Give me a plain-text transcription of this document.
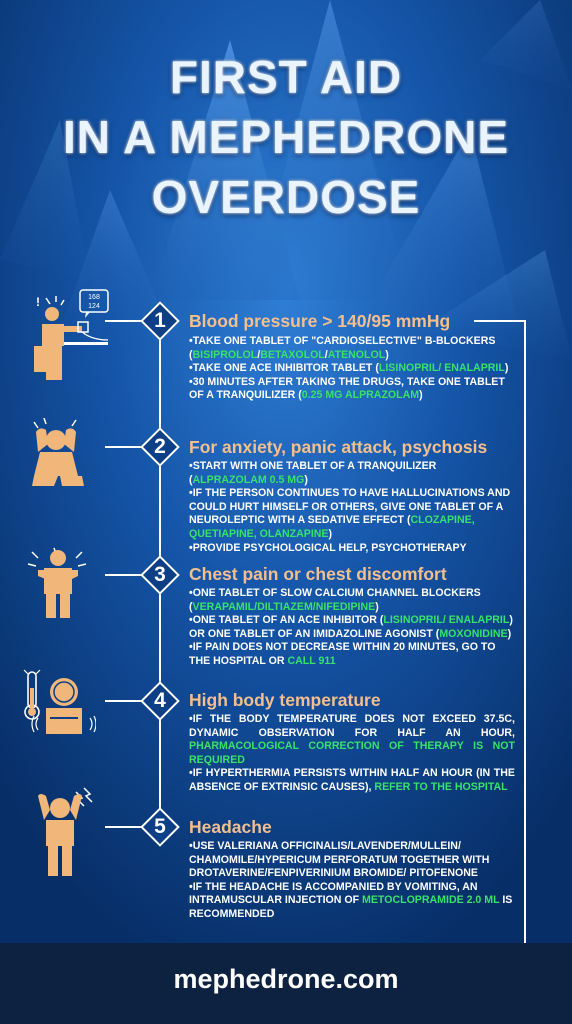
FIRST AID
IN A MEPHEDRONE
OVERDOSE
1	Blood pressure > 140/95 mmHg

•TAKE ONE TABLET OF "CARDIOSELECTIVE" B-BLOCKERS (BISIPROLOL/BETAXOLOL/ATENOLOL)

•TAKE ONE ACE INHIBITOR TABLET (LISINOPRIL/ ENALAPRIL)

•30 MINUTES AFTER TAKING THE DRUGS, TAKE ONE TABLET OF A TRANQUILIZER (0.25 MG ALPRAZOLAM)

2	For anxiety, panic attack, psychosis

•START WITH ONE TABLET OF A TRANQUILIZER (ALPRAZOLAM 0.5 MG)

•IF THE PERSON CONTINUES TO HAVE HALLUCINATIONS AND COULD HURT HIMSELF OR OTHERS, GIVE ONE TABLET OF A NEUROLEPTIC WITH A SEDATIVE EFFECT (CLOZAPINE, QUETIAPINE, OLANZAPINE)

•PROVIDE PSYCHOLOGICAL HELP, PSYCHOTHERAPY

3	Chest pain or chest discomfort

•ONE TABLET OF SLOW CALCIUM CHANNEL BLOCKERS (VERAPAMIL/DILTIAZEM/NIFEDIPINE)

•ONE TABLET OF AN ACE INHIBITOR (LISINOPRIL/ ENALAPRIL) OR ONE TABLET OF AN IMIDAZOLINE AGONIST (MOXONIDINE)

•IF PAIN DOES NOT DECREASE WITHIN 20 MINUTES, GO TO THE HOSPITAL OR CALL 911

4	High body temperature

•IF THE BODY TEMPERATURE DOES NOT EXCEED 37.5C, DYNAMIC OBSERVATION FOR HALF AN HOUR, PHARMACOLOGICAL CORRECTION OF THERAPY IS NOT REQUIRED

•IF HYPERTHERMIA PERSISTS WITHIN HALF AN HOUR (IN THE ABSENCE OF EXTRINSIC CAUSES), REFER TO THE HOSPITAL

5	Headache

•USE VALERIANA OFFICINALIS/LAVENDER/MULLEIN/ CHAMOMILE/HYPERICUM PERFORATUM TOGETHER WITH DROTAVERINE/FENPIVERINIUM BROMIDE/ PITOFENONE

•IF THE HEADACHE IS ACCOMPANIED BY VOMITING, AN INTRAMUSCULAR INJECTION OF METOCLOPRAMIDE 2.0 ML IS RECOMMENDED

168
124
!
mephedrone.com
